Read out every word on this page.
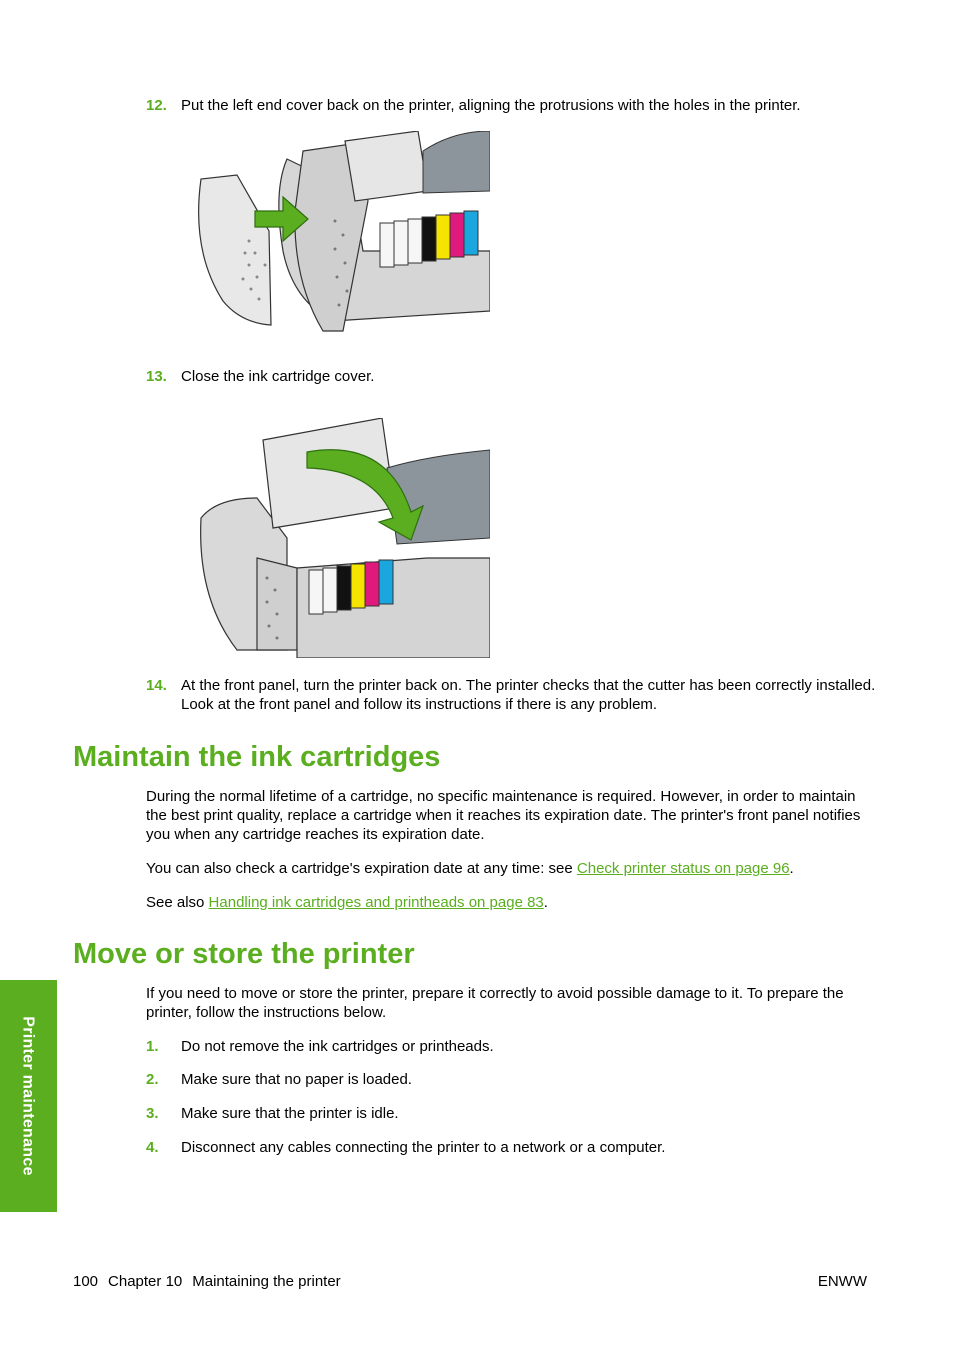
12. Put the left end cover back on the printer, aligning the protrusions with the holes in the printer.
13. Close the ink cartridge cover.
14. At the front panel, turn the printer back on. The printer checks that the cutter has been correctly installed. Look at the front panel and follow its instructions if there is any problem.
Maintain the ink cartridges

During the normal lifetime of a cartridge, no specific maintenance is required. However, in order to maintain the best print quality, replace a cartridge when it reaches its expiration date. The printer's front panel notifies you when any cartridge reaches its expiration date.

You can also check a cartridge's expiration date at any time: see Check printer status on page 96.

See also Handling ink cartridges and printheads on page 83.

Move or store the printer

If you need to move or store the printer, prepare it correctly to avoid possible damage to it. To prepare the printer, follow the instructions below.

1.	Do not remove the ink cartridges or printheads.
2.	Make sure that no paper is loaded.
3.	Make sure that the printer is idle.
4.	Disconnect any cables connecting the printer to a network or a computer.
Printer maintenance
100 Chapter 10 Maintaining the printer	ENWW
